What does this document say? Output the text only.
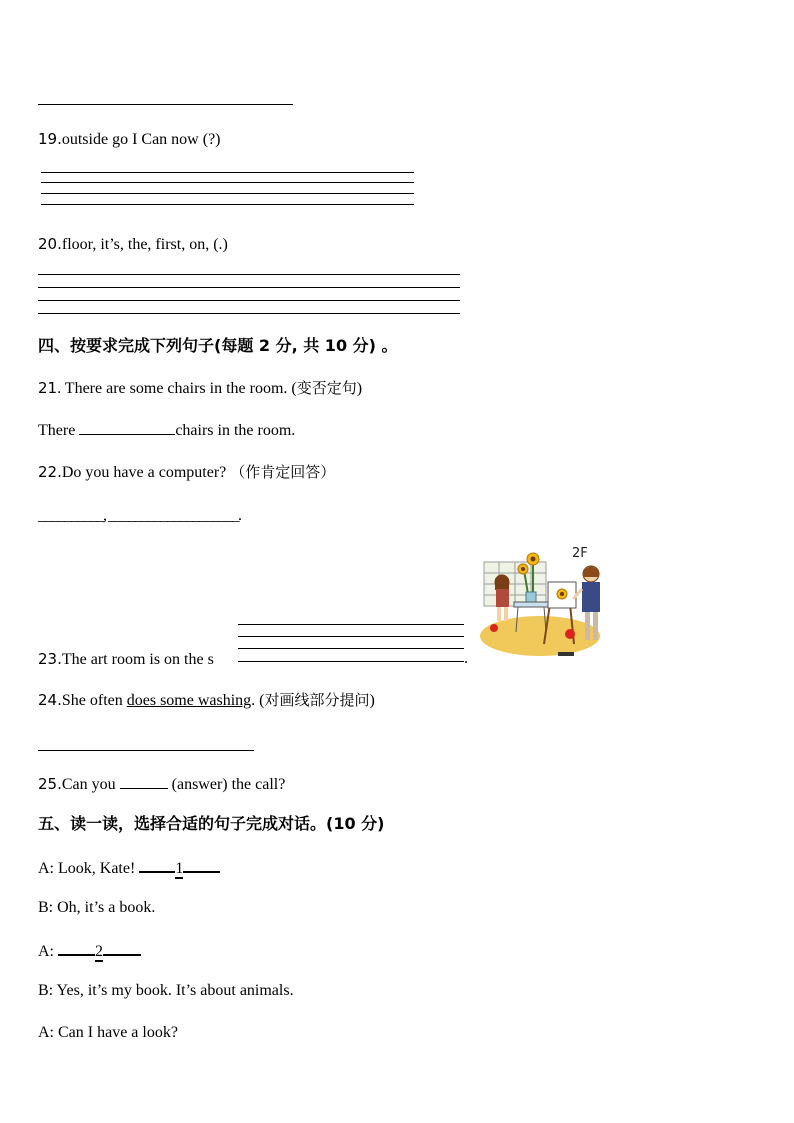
19.outside go I Can now (?)
20.floor, it’s, the, first, on, (.)
四、按要求完成下列句子(每题 2 分, 共 10 分) 。
21. There are some chairs in the room. (变否定句)
There	chairs in the room.
22.Do you have a computer? （作肯定回答）
__________, ____________________.
2F
23.The art room is on the s	.
24.She often does some washing. (对画线部分提问)
25.Can you	(answer) the call?
五、读一读，选择合适的句子完成对话。(10 分)
A: Look, Kate! 1
B: Oh, it’s a book.
A: 2
B: Yes, it’s my book. It’s about animals.
A: Can I have a look?
